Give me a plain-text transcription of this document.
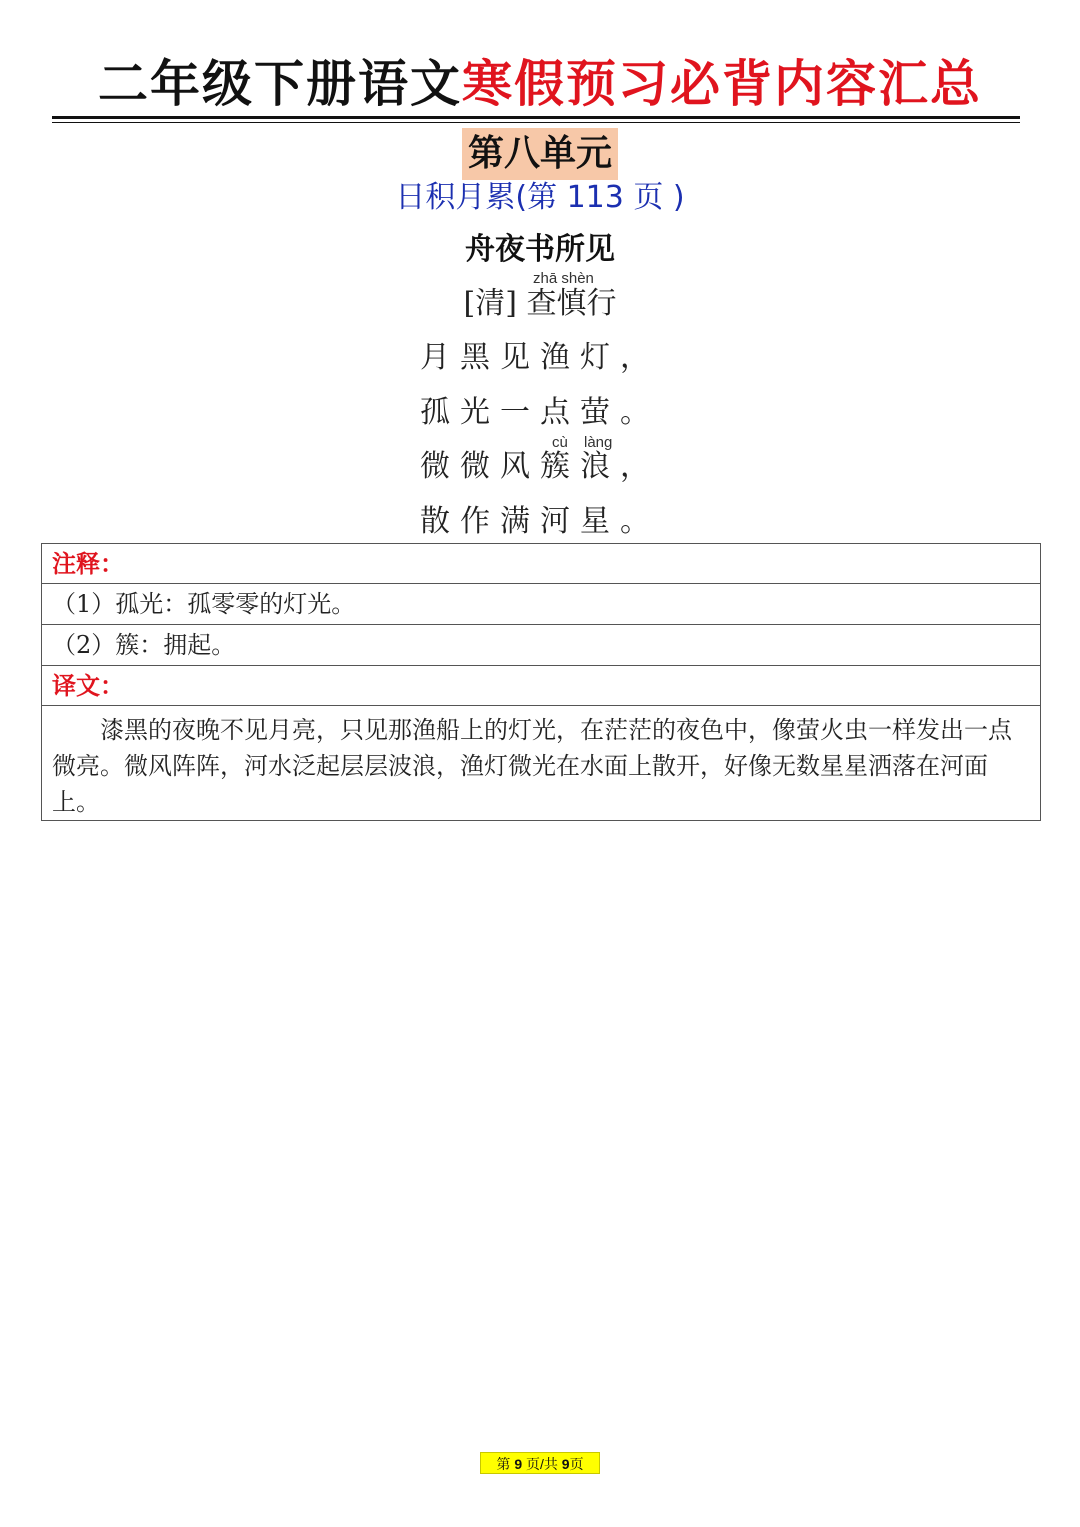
二年级下册语文寒假预习必背内容汇总
第八单元
日积月累(第 113 页 )
舟夜书所见
zhā shèn
[清] 查慎行
月黑见渔灯，
孤光一点萤。
cù làng
微微风簇浪，
散作满河星。
注释：
（1）孤光：孤零零的灯光。
（2）簇：拥起。
译文：
漆黑的夜晚不见月亮，只见那渔船上的灯光，在茫茫的夜色中，像萤火虫一样发出一点微亮。微风阵阵，河水泛起层层波浪，渔灯微光在水面上散开，好像无数星星洒落在河面上。
第 9 页/共 9页
